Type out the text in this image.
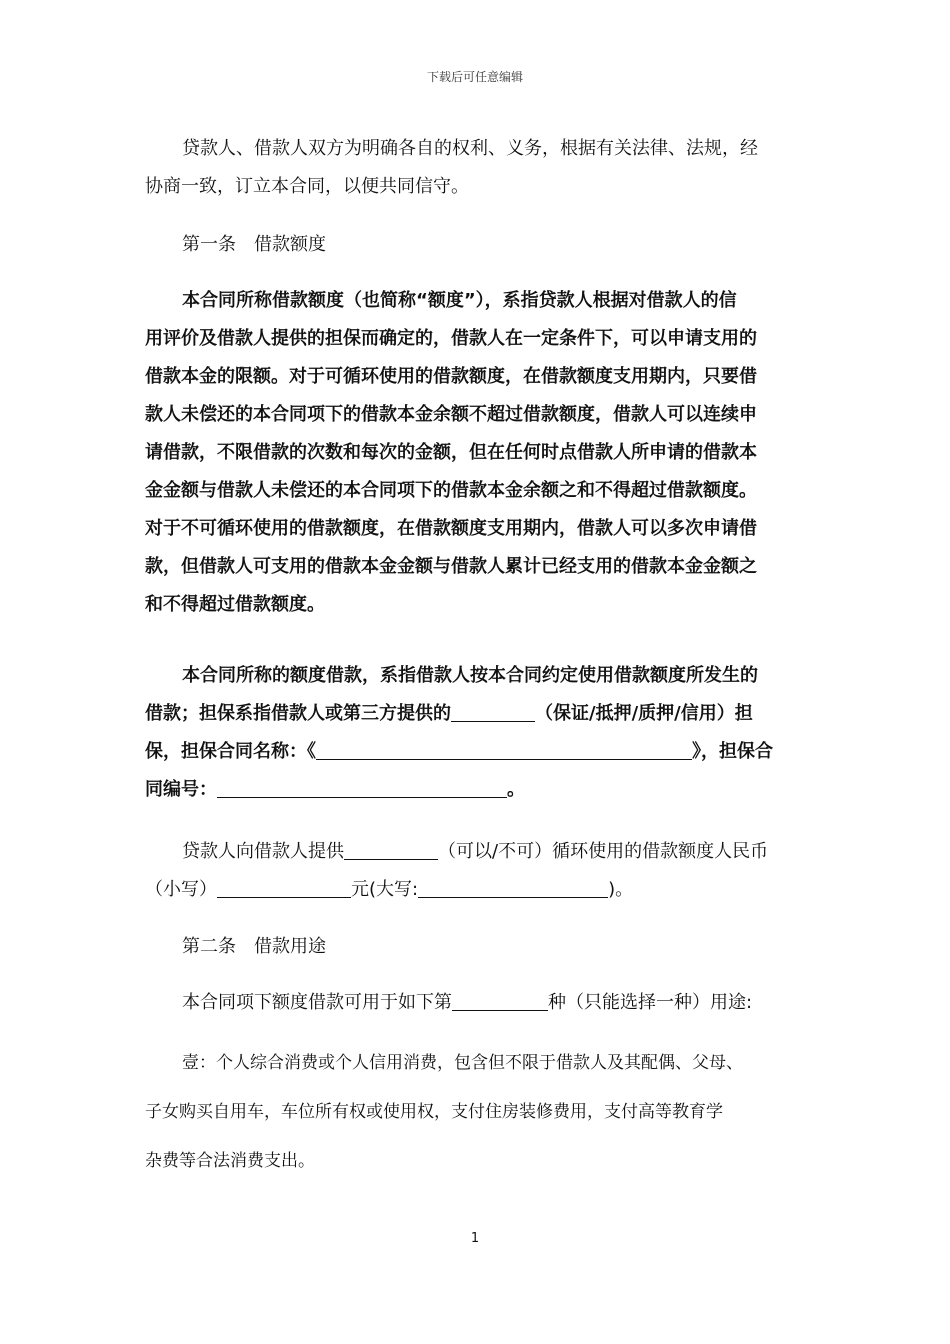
下载后可任意编辑
贷款人、借款人双方为明确各自的权利、义务，根据有关法律、法规，经
协商一致，订立本合同，以便共同信守。
第一条　借款额度
本合同所称借款额度（也简称“额度”），系指贷款人根据对借款人的信
用评价及借款人提供的担保而确定的，借款人在一定条件下，可以申请支用的
借款本金的限额。对于可循环使用的借款额度，在借款额度支用期内，只要借
款人未偿还的本合同项下的借款本金余额不超过借款额度，借款人可以连续申
请借款，不限借款的次数和每次的金额，但在任何时点借款人所申请的借款本
金金额与借款人未偿还的本合同项下的借款本金余额之和不得超过借款额度。
对于不可循环使用的借款额度，在借款额度支用期内，借款人可以多次申请借
款，但借款人可支用的借款本金金额与借款人累计已经支用的借款本金金额之
和不得超过借款额度。
本合同所称的额度借款，系指借款人按本合同约定使用借款额度所发生的
借款；担保系指借款人或第三方提供的	（保证/抵押/质押/信用）担
保，担保合同名称：《	》，担保合
同编号：	。
贷款人向借款人提供	（可以/不可）循环使用的借款额度人民币
（小写）	元(大写:	)。
第二条　借款用途
本合同项下额度借款可用于如下第	种（只能选择一种）用途:
壹：个人综合消费或个人信用消费，包含但不限于借款人及其配偶、父母、
子女购买自用车，车位所有权或使用权，支付住房装修费用，支付高等教育学
杂费等合法消费支出。
1
